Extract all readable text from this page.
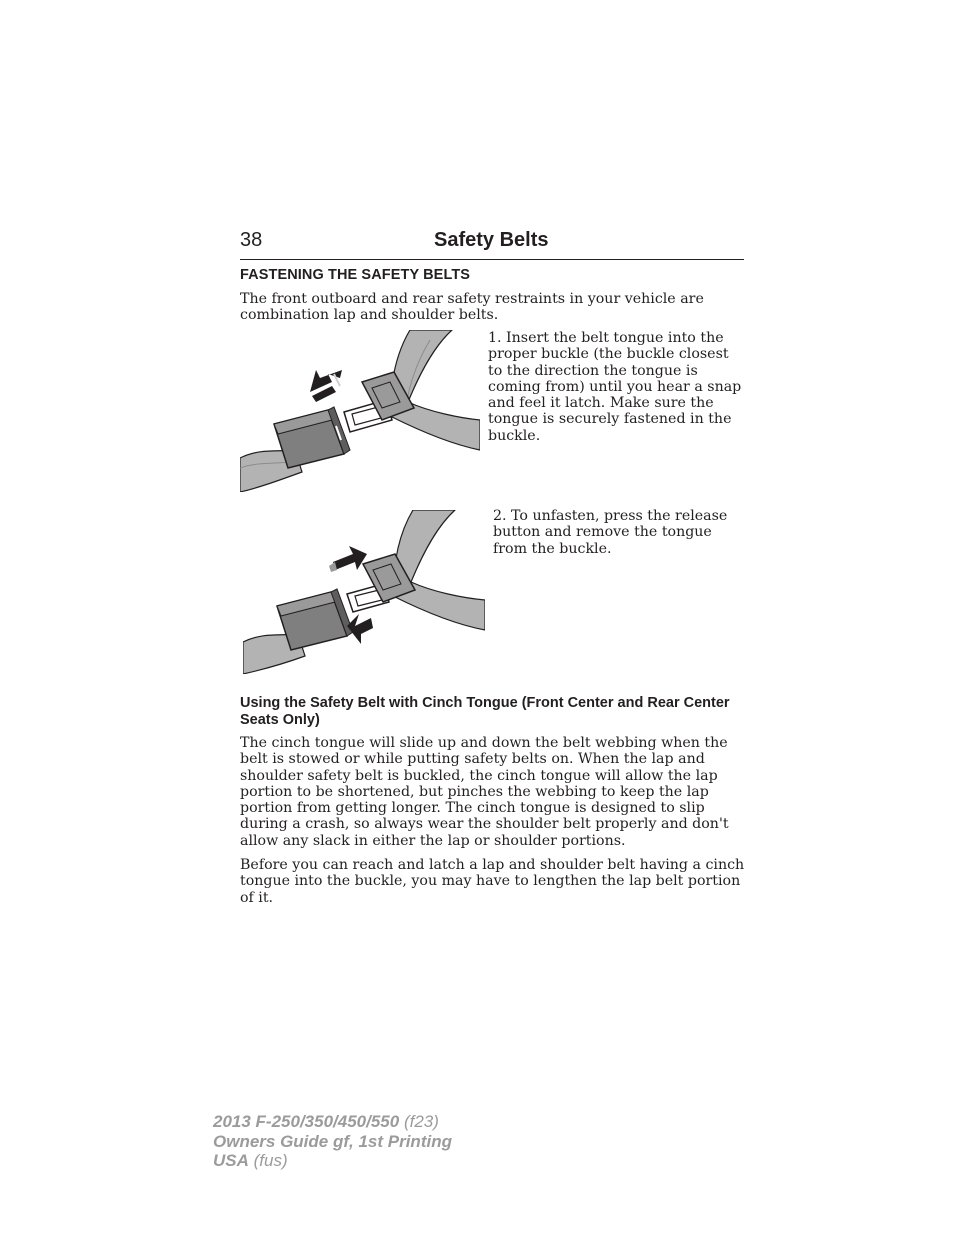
38	Safety Belts
FASTENING THE SAFETY BELTS

The front outboard and rear safety restraints in your vehicle are combination lap and shoulder belts.

1. Insert the belt tongue into the proper buckle (the buckle closest to the direction the tongue is coming from) until you hear a snap and feel it latch. Make sure the tongue is securely fastened in the buckle.

2. To unfasten, press the release button and remove the tongue from the buckle.

Using the Safety Belt with Cinch Tongue (Front Center and Rear Center Seats Only)

The cinch tongue will slide up and down the belt webbing when the belt is stowed or while putting safety belts on. When the lap and shoulder safety belt is buckled, the cinch tongue will allow the lap portion to be shortened, but pinches the webbing to keep the lap portion from getting longer. The cinch tongue is designed to slip during a crash, so always wear the shoulder belt properly and don't allow any slack in either the lap or shoulder portions.

Before you can reach and latch a lap and shoulder belt having a cinch tongue into the buckle, you may have to lengthen the lap belt portion of it.

2013 F-250/350/450/550 (f23)
Owners Guide gf, 1st Printing
USA (fus)
